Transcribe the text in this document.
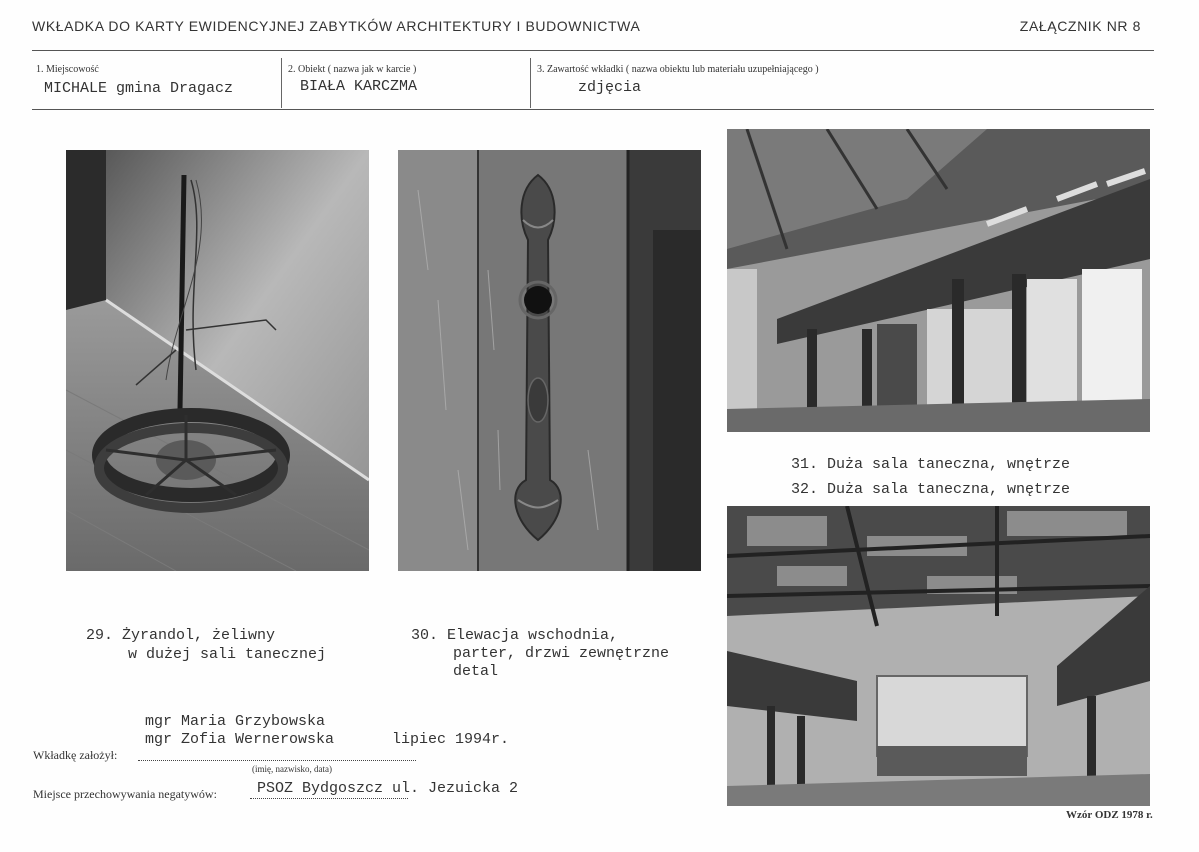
WKŁADKA DO KARTY EWIDENCYJNEJ ZABYTKÓW ARCHITEKTURY I BUDOWNICTWA	ZAŁĄCZNIK NR 8
1. Miejscowość
MICHALE gmina Dragacz
2. Obiekt ( nazwa jak w karcie )
BIAŁA KARCZMA
3. Zawartość wkładki ( nazwa obiektu lub materiału uzupełniającego )
zdjęcia
29. Żyrandol, żeliwny
w dużej sali tanecznej
30. Elewacja wschodnia,
parter, drzwi zewnętrzne
detal
31. Duża sala taneczna, wnętrze
32. Duża sala taneczna, wnętrze
mgr Maria Grzybowska
mgr Zofia Wernerowska	lipiec 1994r.
Wkładkę założył:
(imię, nazwisko, data)
Miejsce przechowywania negatywów:	PSOZ Bydgoszcz ul. Jezuicka 2
Wzór ODZ 1978 r.
